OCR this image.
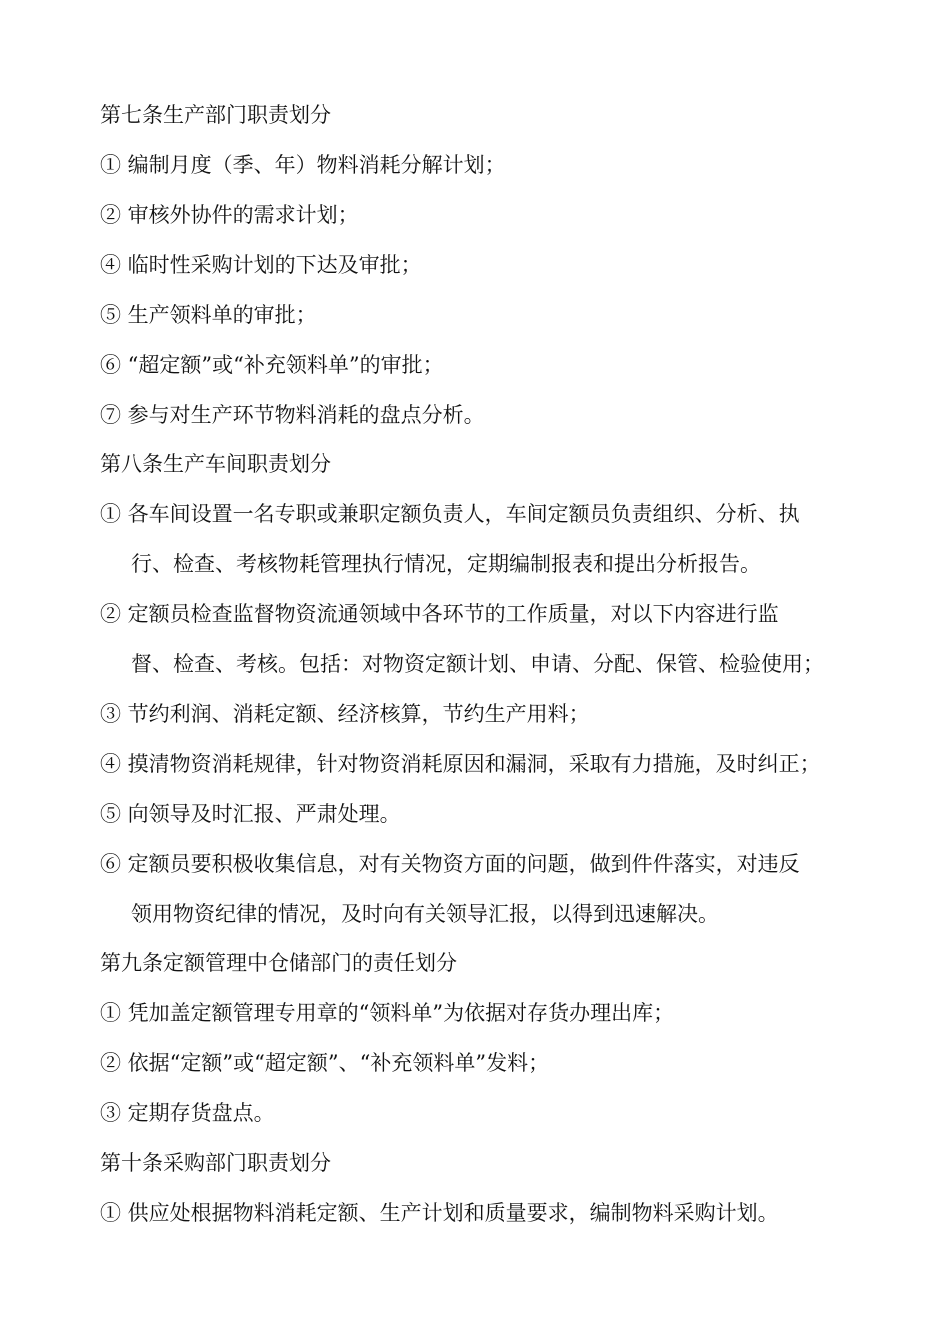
第七条生产部门职责划分
① 编制月度（季、年）物料消耗分解计划；
② 审核外协件的需求计划；
④ 临时性采购计划的下达及审批；
⑤ 生产领料单的审批；
⑥ “超定额”或“补充领料单”的审批；
⑦ 参与对生产环节物料消耗的盘点分析。
第八条生产车间职责划分
① 各车间设置一名专职或兼职定额负责人，车间定额员负责组织、分析、执
行、检查、考核物耗管理执行情况，定期编制报表和提出分析报告。
② 定额员检查监督物资流通领域中各环节的工作质量，对以下内容进行监
督、检查、考核。包括：对物资定额计划、申请、分配、保管、检验使用；
③ 节约利润、消耗定额、经济核算，节约生产用料；
④ 摸清物资消耗规律，针对物资消耗原因和漏洞，采取有力措施，及时纠正；
⑤ 向领导及时汇报、严肃处理。
⑥ 定额员要积极收集信息，对有关物资方面的问题，做到件件落实，对违反
领用物资纪律的情况，及时向有关领导汇报，以得到迅速解决。
第九条定额管理中仓储部门的责任划分
① 凭加盖定额管理专用章的“领料单”为依据对存货办理出库；
② 依据“定额”或“超定额”、“补充领料单”发料；
③ 定期存货盘点。
第十条采购部门职责划分
① 供应处根据物料消耗定额、生产计划和质量要求，编制物料采购计划。
